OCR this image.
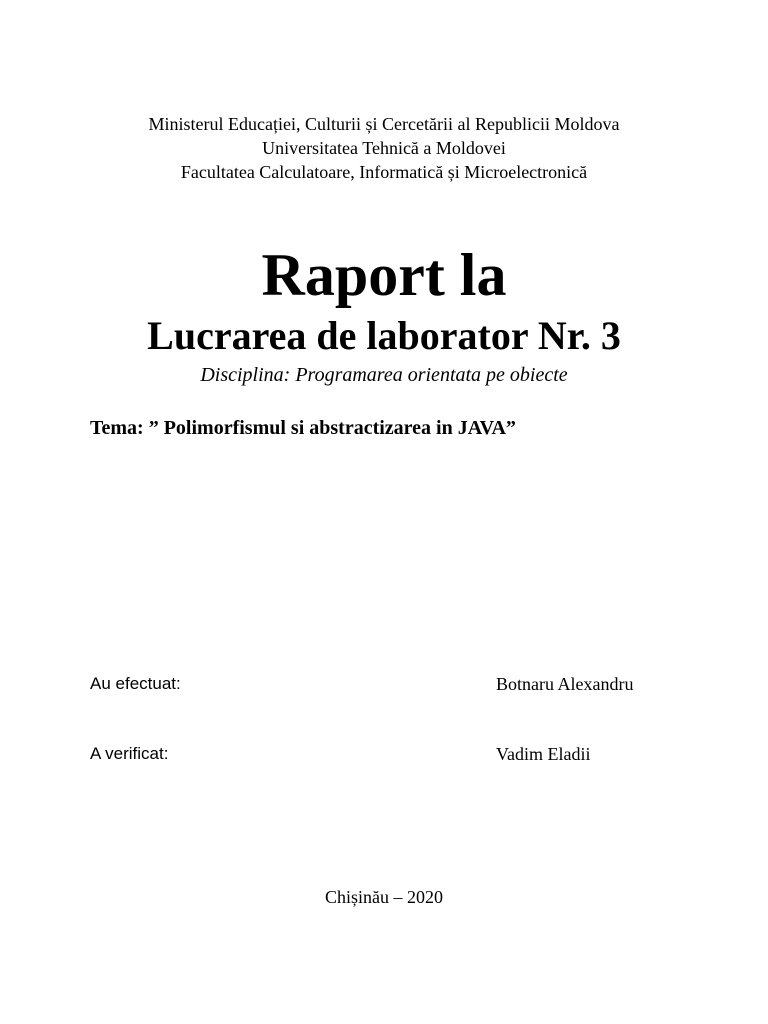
Ministerul Educației, Culturii și Cercetării al Republicii Moldova
Universitatea Tehnică a Moldovei
Facultatea Calculatoare, Informatică și Microelectronică
Raport la
Lucrarea de laborator Nr. 3
Disciplina: Programarea orientata pe obiecte
Tema: ” Polimorfismul si abstractizarea in JAVA”
Au efectuat:	Botnaru Alexandru
A verificat:	Vadim Eladii
Chișinău – 2020
